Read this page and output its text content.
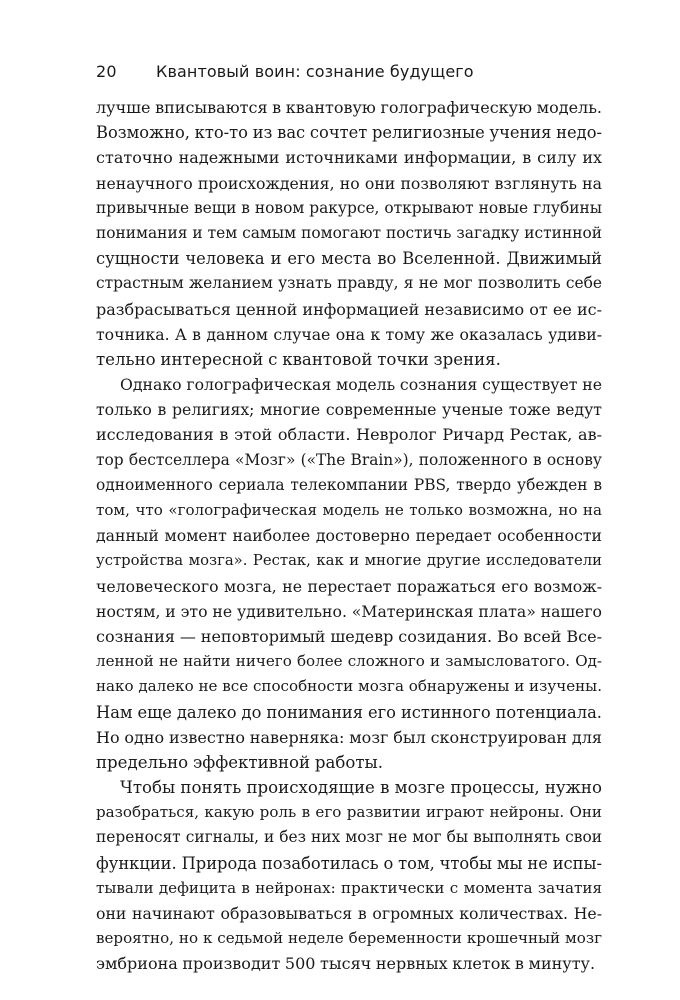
20	Квантовый воин: сознание будущего
лучше вписываются в квантовую голографическую модель.
Возможно, кто-то из вас сочтет религиозные учения недо-
статочно надежными источниками информации, в силу их
ненаучного происхождения, но они позволяют взглянуть на
привычные вещи в новом ракурсе, открывают новые глубины
понимания и тем самым помогают постичь загадку истинной
сущности человека и его места во Вселенной. Движимый
страстным желанием узнать правду, я не мог позволить себе
разбрасываться ценной информацией независимо от ее ис-
точника. А в данном случае она к тому же оказалась удиви-
тельно интересной с квантовой точки зрения.
Однако голографическая модель сознания существует не
только в религиях; многие современные ученые тоже ведут
исследования в этой области. Невролог Ричард Рестак, ав-
тор бестселлера «Мозг» («The Brain»), положенного в основу
одноименного сериала телекомпании PBS, твердо убежден в
том, что «голографическая модель не только возможна, но на
данный момент наиболее достоверно передает особенности
устройства мозга». Рестак, как и многие другие исследователи
человеческого мозга, не перестает поражаться его возмож-
ностям, и это не удивительно. «Материнская плата» нашего
сознания — неповторимый шедевр созидания. Во всей Все-
ленной не найти ничего более сложного и замысловатого. Од-
нако далеко не все способности мозга обнаружены и изучены.
Нам еще далеко до понимания его истинного потенциала.
Но одно известно наверняка: мозг был сконструирован для
предельно эффективной работы.
Чтобы понять происходящие в мозге процессы, нужно
разобраться, какую роль в его развитии играют нейроны. Они
переносят сигналы, и без них мозг не мог бы выполнять свои
функции. Природа позаботилась о том, чтобы мы не испы-
тывали дефицита в нейронах: практически с момента зачатия
они начинают образовываться в огромных количествах. Не-
вероятно, но к седьмой неделе беременности крошечный мозг
эмбриона производит 500 тысяч нервных клеток в минуту.
